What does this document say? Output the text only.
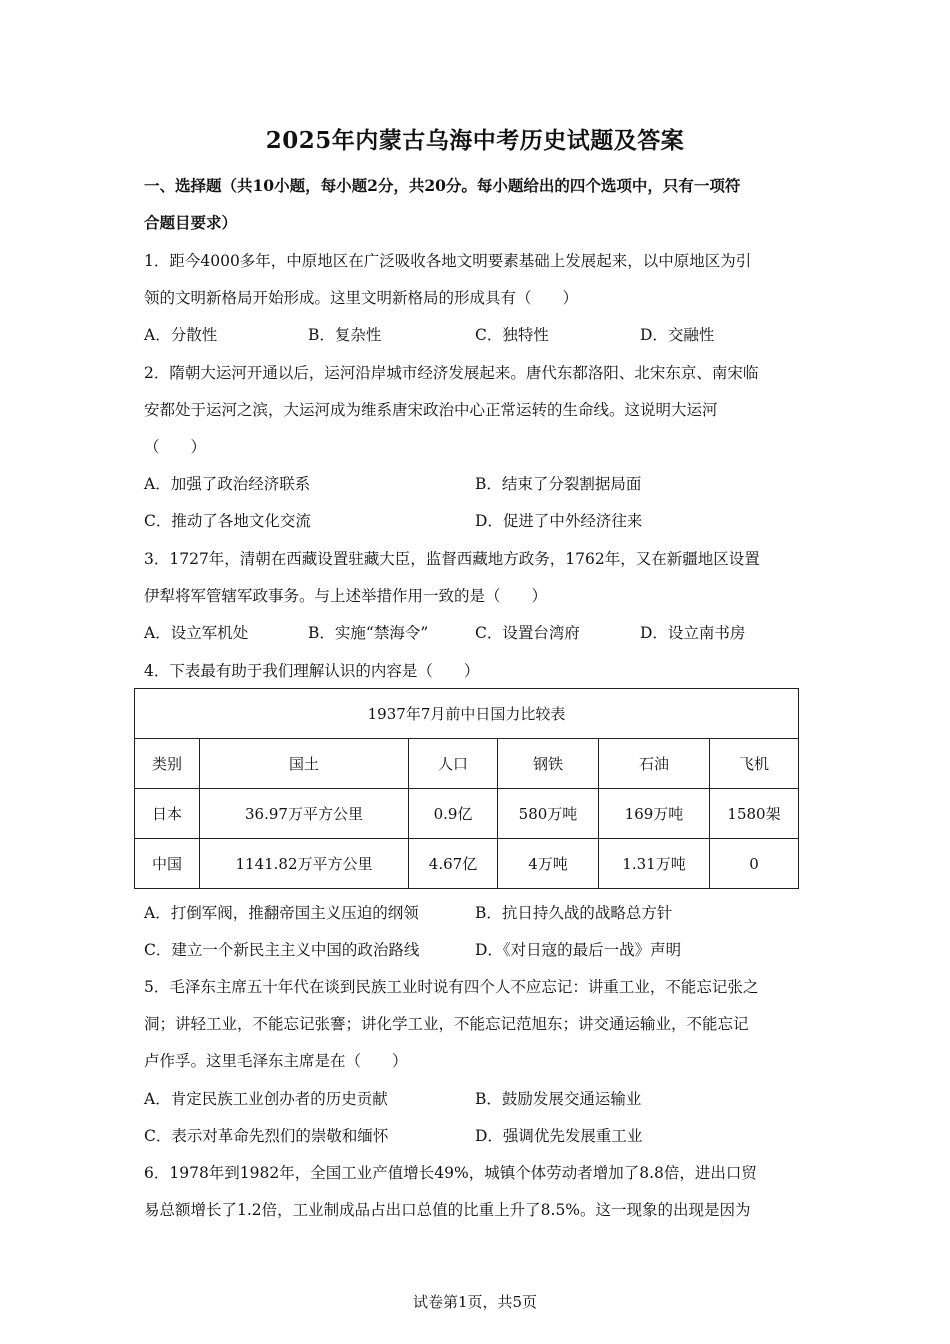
2025年内蒙古乌海中考历史试题及答案
一、选择题（共10小题，每小题2分，共20分。每小题给出的四个选项中，只有一项符
合题目要求）
1．距今4000多年，中原地区在广泛吸收各地文明要素基础上发展起来，以中原地区为引
领的文明新格局开始形成。这里文明新格局的形成具有（　　）
A．分散性	B．复杂性	C．独特性	D．交融性
2．隋朝大运河开通以后，运河沿岸城市经济发展起来。唐代东都洛阳、北宋东京、南宋临
安都处于运河之滨，大运河成为维系唐宋政治中心正常运转的生命线。这说明大运河
（　　）
A．加强了政治经济联系	B．结束了分裂割据局面
C．推动了各地文化交流	D．促进了中外经济往来
3．1727年，清朝在西藏设置驻藏大臣，监督西藏地方政务，1762年，又在新疆地区设置
伊犁将军管辖军政事务。与上述举措作用一致的是（　　）
A．设立军机处	B．实施“禁海令”	C．设置台湾府	D．设立南书房
4．下表最有助于我们理解认识的内容是（　　）
1937年7月前中日国力比较表					
类别	国土	人口	钢铁	石油	飞机
日本	36.97万平方公里	0.9亿	580万吨	169万吨	1580架
中国	1141.82万平方公里	4.67亿	4万吨	1.31万吨	0
A．打倒军阀，推翻帝国主义压迫的纲领	B．抗日持久战的战略总方针
C．建立一个新民主主义中国的政治路线	D．《对日寇的最后一战》声明
5．毛泽东主席五十年代在谈到民族工业时说有四个人不应忘记：讲重工业，不能忘记张之
洞；讲轻工业，不能忘记张謇；讲化学工业，不能忘记范旭东；讲交通运输业，不能忘记
卢作孚。这里毛泽东主席是在（　　）
A．肯定民族工业创办者的历史贡献	B．鼓励发展交通运输业
C．表示对革命先烈们的崇敬和缅怀	D．强调优先发展重工业
6．1978年到1982年，全国工业产值增长49%，城镇个体劳动者增加了8.8倍，进出口贸
易总额增长了1.2倍，工业制成品占出口总值的比重上升了8.5%。这一现象的出现是因为
试卷第1页，共5页
